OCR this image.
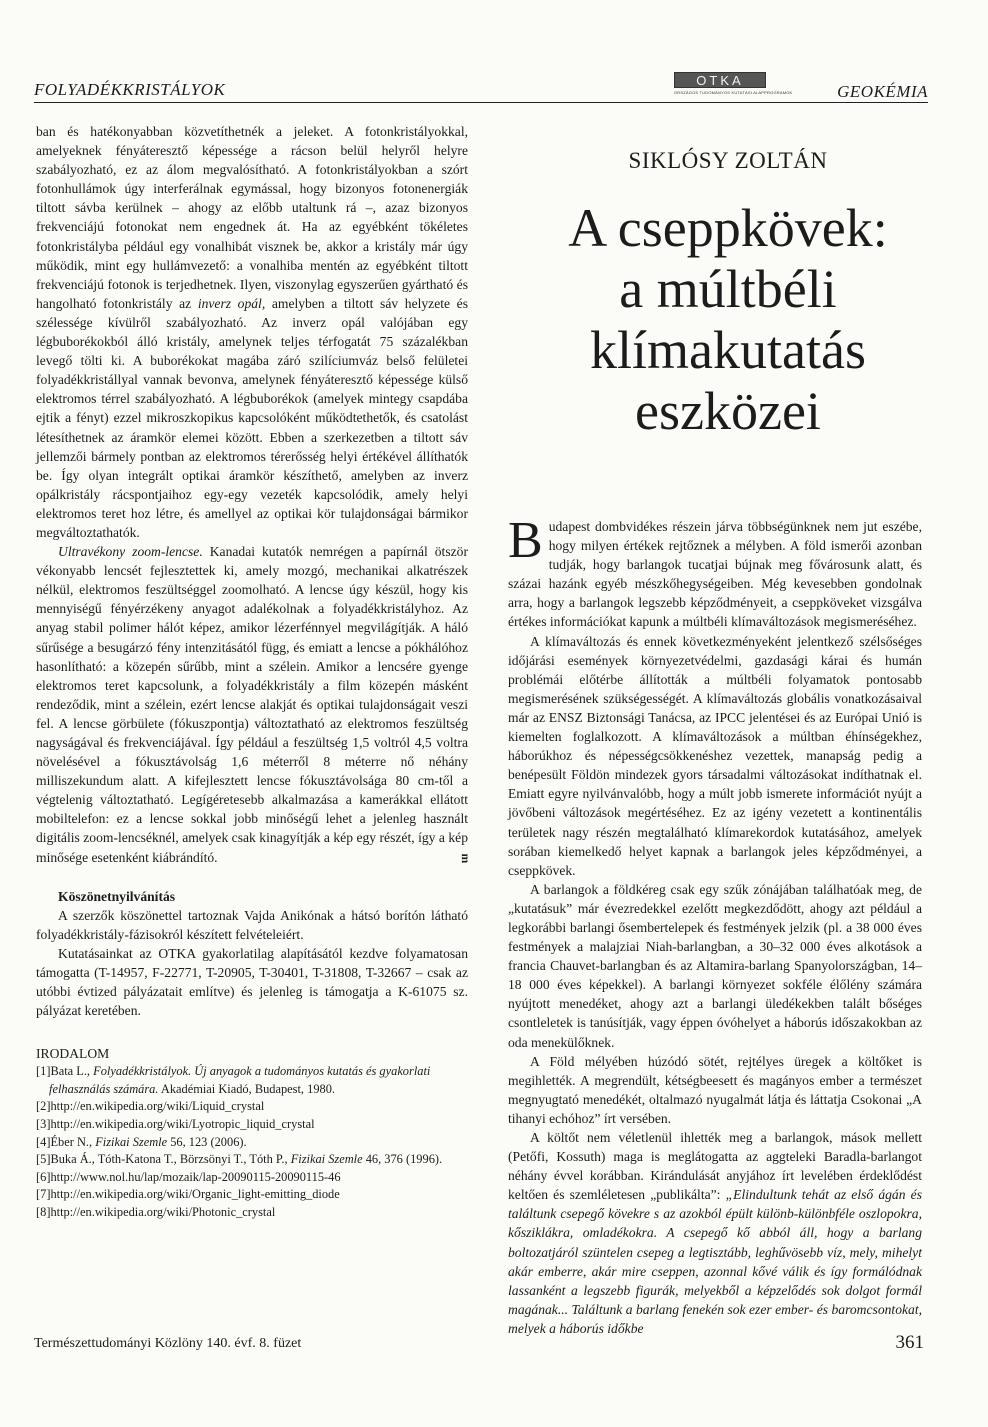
FOLYADÉKKRISTÁLYOK	OTKA
ORSZÁGOS TUDOMÁNYOS KUTATÁSI ALAPPROGRAMOK	GEOKÉMIA

ban és hatékonyabban közvetíthetnék a jeleket. A fotonkristályokkal, amelyeknek fényáteresztő képessége a rácson belül helyről helyre szabályozható, ez az álom megvalósítható. A fotonkristályokban a szórt fotonhullámok úgy interferálnak egymással, hogy bizonyos fotonenergiák tiltott sávba kerülnek – ahogy az előbb utaltunk rá –, azaz bizonyos frekvenciájú fotonokat nem engednek át. Ha az egyébként tökéletes fotonkristályba például egy vonalhibát visznek be, akkor a kristály már úgy működik, mint egy hullámvezető: a vonalhiba mentén az egyébként tiltott frekvenciájú fotonok is terjedhetnek. Ilyen, viszonylag egyszerűen gyártható és hangolható fotonkristály az inverz opál, amelyben a tiltott sáv helyzete és szélessége kívülről szabályozható. Az inverz opál valójában egy légbuborékokból álló kristály, amelynek teljes térfogatát 75 százalékban levegő tölti ki. A buborékokat magába záró szilíciumváz belső felületei folyadékkristállyal vannak bevonva, amelynek fényáteresztő képessége külső elektromos térrel szabályozható. A légbuborékok (amelyek mintegy csapdába ejtik a fényt) ezzel mikroszkopikus kapcsolóként működtethetők, és csatolást létesíthetnek az áramkör elemei között. Ebben a szerkezetben a tiltott sáv jellemzői bármely pontban az elektromos térerősség helyi értékével állíthatók be. Így olyan integrált optikai áramkör készíthető, amelyben az inverz opálkristály rácspontjaihoz egy-egy vezeték kapcsolódik, amely helyi elektromos teret hoz létre, és amellyel az optikai kör tulajdonságai bármikor megváltoztathatók.

Ultravékony zoom-lencse. Kanadai kutatók nemrégen a papírnál ötször vékonyabb lencsét fejlesztettek ki, amely mozgó, mechanikai alkatrészek nélkül, elektromos feszültséggel zoomolható. A lencse úgy készül, hogy kis mennyiségű fényérzékeny anyagot adalékolnak a folyadékkristályhoz. Az anyag stabil polimer hálót képez, amikor lézerfénnyel megvilágítják. A háló sűrűsége a besugárzó fény intenzitásától függ, és emiatt a lencse a pókhálóhoz hasonlítható: a közepén sűrűbb, mint a szélein. Amikor a lencsére gyenge elektromos teret kapcsolunk, a folyadékkristály a film közepén másként rendeződik, mint a szélein, ezért lencse alakját és optikai tulajdonságait veszi fel. A lencse görbülete (fókuszpontja) változtatható az elektromos feszültség nagyságával és frekvenciájával. Így például a feszültség 1,5 voltról 4,5 voltra növelésével a fókusztávolság 1,6 méterről 8 méterre nő néhány milliszekundum alatt. A kifejlesztett lencse fókusztávolsága 80 cm-től a végtelenig változtatható. Legígéretesebb alkalmazása a kamerákkal ellátott mobiltelefon: ez a lencse sokkal jobb minőségű lehet a jelenleg használt digitális zoom-lencséknél, amelyek csak kinagyítják a kép egy részét, így a kép minősége esetenként kiábrándító.	ᴟ

Köszönetnyilvánítás

A szerzők köszönettel tartoznak Vajda Anikónak a hátsó borítón látható folyadékkristály-fázisokról készített felvételeiért.

Kutatásainkat az OTKA gyakorlatilag alapításától kezdve folyamatosan támogatta (T-14957, F-22771, T-20905, T-30401, T-31808, T-32667 – csak az utóbbi évtized pályázatait említve) és jelenleg is támogatja a K-61075 sz. pályázat keretében.

IRODALOM
[1]Bata L., Folyadékkristályok. Új anyagok a tudományos kutatás és gyakorlati felhasználás számára. Akadémiai Kiadó, Budapest, 1980.
[2]http://en.wikipedia.org/wiki/Liquid_crystal
[3]http://en.wikipedia.org/wiki/Lyotropic_liquid_crystal
[4]Éber N., Fizikai Szemle 56, 123 (2006).
[5]Buka Á., Tóth-Katona T., Börzsönyi T., Tóth P., Fizikai Szemle 46, 376 (1996).
[6]http://www.nol.hu/lap/mozaik/lap-20090115-20090115-46
[7]http://en.wikipedia.org/wiki/Organic_light-emitting_diode
[8]http://en.wikipedia.org/wiki/Photonic_crystal
SIKLÓSY ZOLTÁN
A cseppkövek:
a múltbéli
klímakutatás
eszközei

Budapest dombvidékes részein járva többségünknek nem jut eszébe, hogy milyen értékek rejtőznek a mélyben. A föld ismerői azonban tudják, hogy barlangok tucatjai bújnak meg fővárosunk alatt, és százai hazánk egyéb mészkőhegységeiben. Még kevesebben gondolnak arra, hogy a barlangok legszebb képződményeit, a cseppköveket vizsgálva értékes információkat kapunk a múltbéli klímaváltozások megismeréséhez.

A klímaváltozás és ennek következményeként jelentkező szélsőséges időjárási események környezetvédelmi, gazdasági kárai és humán problémái előtérbe állították a múltbéli folyamatok pontosabb megismerésének szükségességét. A klímaváltozás globális vonatkozásaival már az ENSZ Biztonsági Tanácsa, az IPCC jelentései és az Európai Unió is kiemelten foglalkozott. A klímaváltozások a múltban éhínségekhez, háborúkhoz és népességcsökkenéshez vezettek, manapság pedig a benépesült Földön mindezek gyors társadalmi változásokat indíthatnak el. Emiatt egyre nyilvánvalóbb, hogy a múlt jobb ismerete információt nyújt a jövőbeni változások megértéséhez. Ez az igény vezetett a kontinentális területek nagy részén megtalálható klímarekordok kutatásához, amelyek sorában kiemelkedő helyet kapnak a barlangok jeles képződményei, a cseppkövek.

A barlangok a földkéreg csak egy szűk zónájában találhatóak meg, de „kutatásuk” már évezredekkel ezelőtt megkezdődött, ahogy azt például a legkorábbi barlangi ősembertelepek és festmények jelzik (pl. a 38 000 éves festmények a malajziai Niah-barlangban, a 30–32 000 éves alkotások a francia Chauvet-barlangban és az Altamira-barlang Spanyolországban, 14–18 000 éves képekkel). A barlangi környezet sokféle élőlény számára nyújtott menedéket, ahogy azt a barlangi üledékekben talált bőséges csontleletek is tanúsítják, vagy éppen óvóhelyet a háborús időszakokban az oda menekülőknek.

A Föld mélyében húzódó sötét, rejtélyes üregek a költőket is megihlették. A megrendült, kétségbeesett és magányos ember a természet megnyugtató menedékét, oltalmazó nyugalmát látja és láttatja Csokonai „A tihanyi echóhoz” írt versében.

A költőt nem véletlenül ihlették meg a barlangok, mások mellett (Petőfi, Kossuth) maga is meglátogatta az aggteleki Baradla-barlangot néhány évvel korábban. Kirándulását anyjához írt levelében érdeklődést keltően és szemléletesen „publikálta”: „Elindultunk tehát az első ágán és találtunk csepegő kövekre s az azokból épült különb-különbféle oszlopokra, kősziklákra, omladékokra. A csepegő kő abból áll, hogy a barlang boltozatjáról szüntelen csepeg a legtisztább, leghűvösebb víz, mely, mihelyt akár emberre, akár mire cseppen, azonnal kővé válik és így formálódnak lassanként a legszebb figurák, melyekből a képzelődés sok dolgot formál magának... Találtunk a barlang fenekén sok ezer ember- és baromcsontokat, melyek a háborús időkbe

Természettudományi Közlöny 140. évf. 8. füzet	361
